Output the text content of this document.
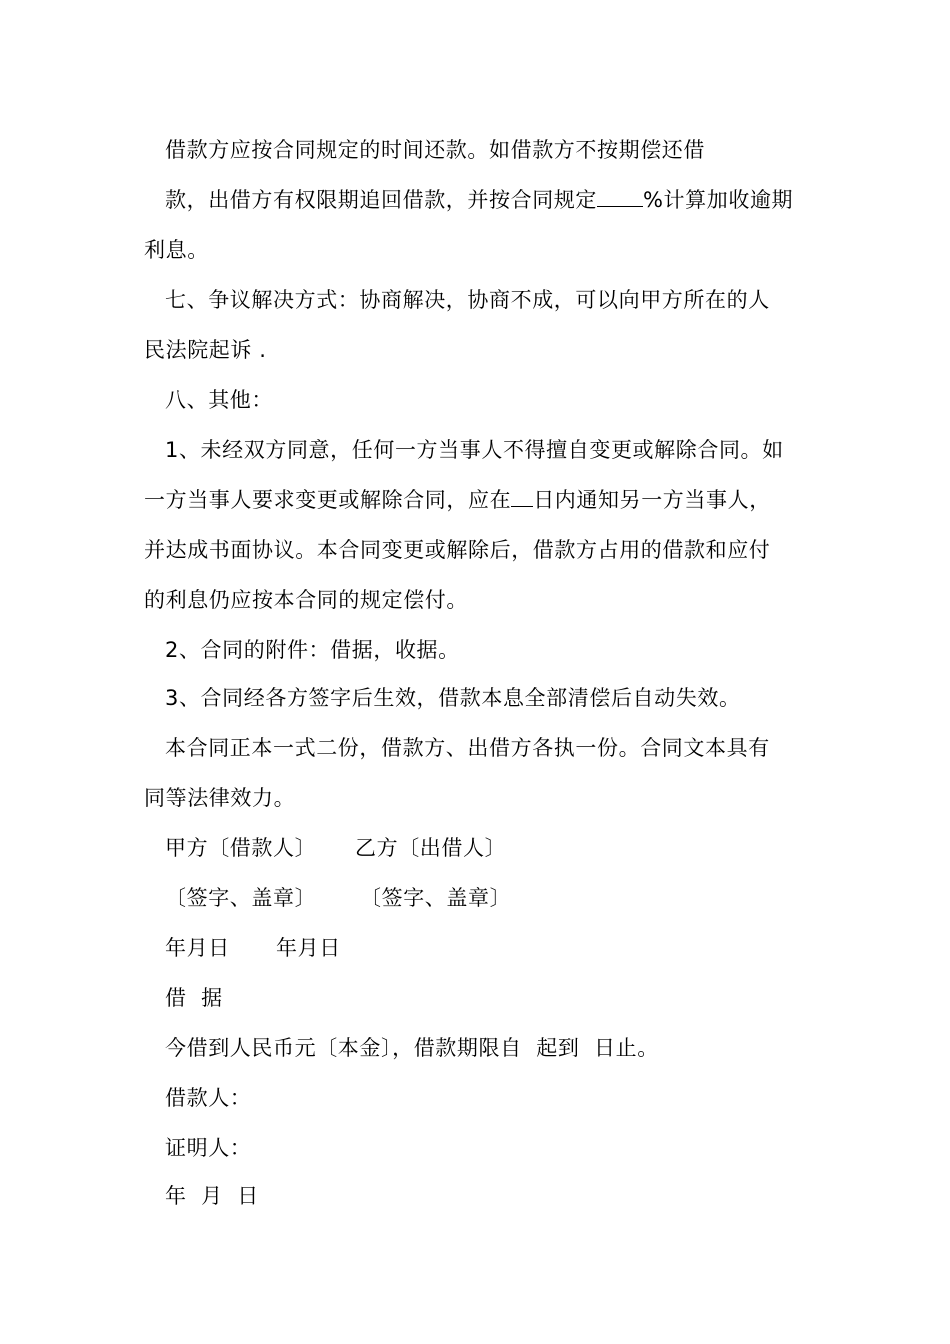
借款方应按合同规定的时间还款。如借款方不按期偿还借
款，出借方有权限期追回借款，并按合同规定 %计算加收逾期
利息。
七、争议解决方式：协商解决，协商不成，可以向甲方所在的人
民法院起诉 .
八、其他：
1、未经双方同意，任何一方当事人不得擅自变更或解除合同。如
一方当事人要求变更或解除合同，应在 日内通知另一方当事人，
并达成书面协议。本合同变更或解除后，借款方占用的借款和应付
的利息仍应按本合同的规定偿付。
2、合同的附件：借据，收据。
3、合同经各方签字后生效，借款本息全部清偿后自动失效。
本合同正本一式二份，借款方、出借方各执一份。合同文本具有
同等法律效力。
甲方〔借款人〕 乙方〔出借人〕
〔签字、盖章〕 〔签字、盖章〕
年月日 年月日
借  据
今借到人民币元〔本金〕，借款期限自  起到  日止。
借款人：
证明人：
年  月  日
